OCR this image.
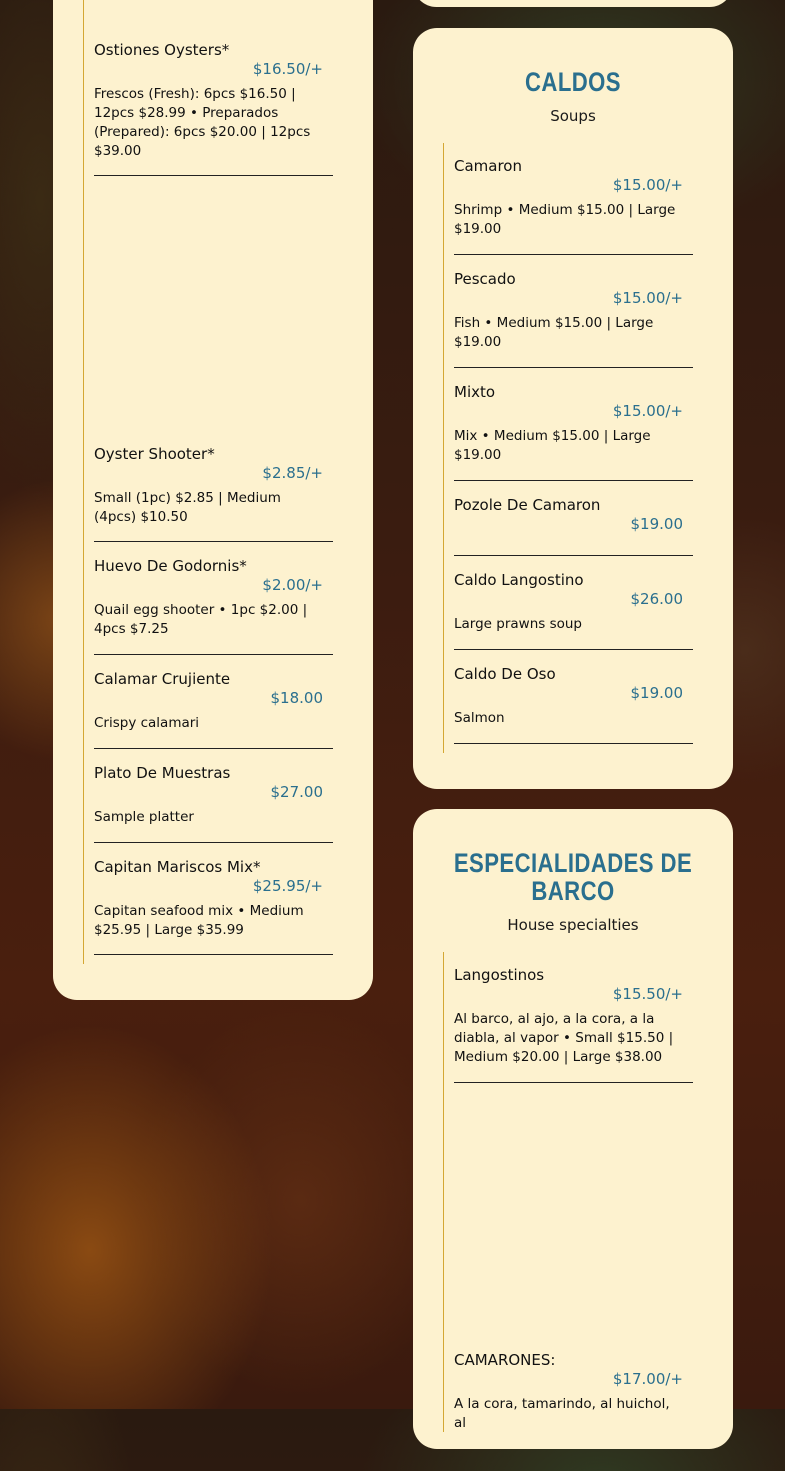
Ostiones Oysters*
$16.50/+
Frescos (Fresh): 6pcs $16.50 | 12pcs $28.99 • Preparados (Prepared): 6pcs $20.00 | 12pcs $39.00
Oyster Shooter*
$2.85/+
Small (1pc) $2.85 | Medium (4pcs) $10.50
Huevo De Godornis*
$2.00/+
Quail egg shooter • 1pc $2.00 | 4pcs $7.25
Calamar Crujiente
$18.00
Crispy calamari
Plato De Muestras
$27.00
Sample platter
Capitan Mariscos Mix*
$25.95/+
Capitan seafood mix • Medium $25.95 | Large $35.99
CALDOS
Soups
Camaron
$15.00/+
Shrimp • Medium $15.00 | Large $19.00
Pescado
$15.00/+
Fish • Medium $15.00 | Large $19.00
Mixto
$15.00/+
Mix • Medium $15.00 | Large $19.00
Pozole De Camaron
$19.00
Caldo Langostino
$26.00
Large prawns soup
Caldo De Oso
$19.00
Salmon
ESPECIALIDADES DE
BARCO
House specialties
Langostinos
$15.50/+
Al barco, al ajo, a la cora, a la diabla, al vapor • Small $15.50 | Medium $20.00 | Large $38.00
CAMARONES:
$17.00/+
A la cora, tamarindo, al huichol, al
